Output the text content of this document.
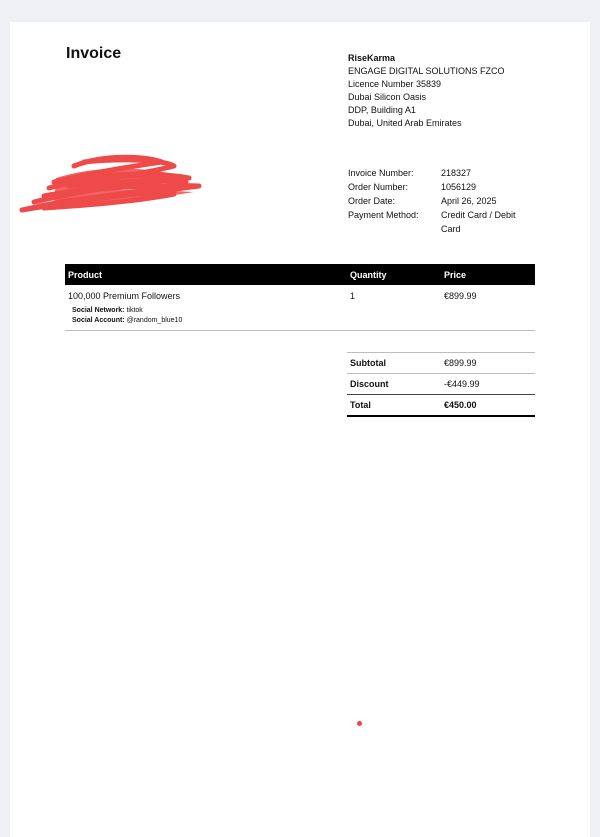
Invoice	RiseKarma
ENGAGE DIGITAL SOLUTIONS FZCO
Licence Number 35839
Dubai Silicon Oasis
DDP, Building A1
Dubai, United Arab Emirates
Invoice Number:	218327
Order Number:	1056129
Order Date:	April 26, 2025
Payment Method:	Credit Card / Debit Card
Product	Quantity	Price
100,000 Premium Followers
Social Network: tiktok
Social Account: @random_blue10
1	€899.99
Subtotal	€899.99
Discount	-€449.99
Total	€450.00
